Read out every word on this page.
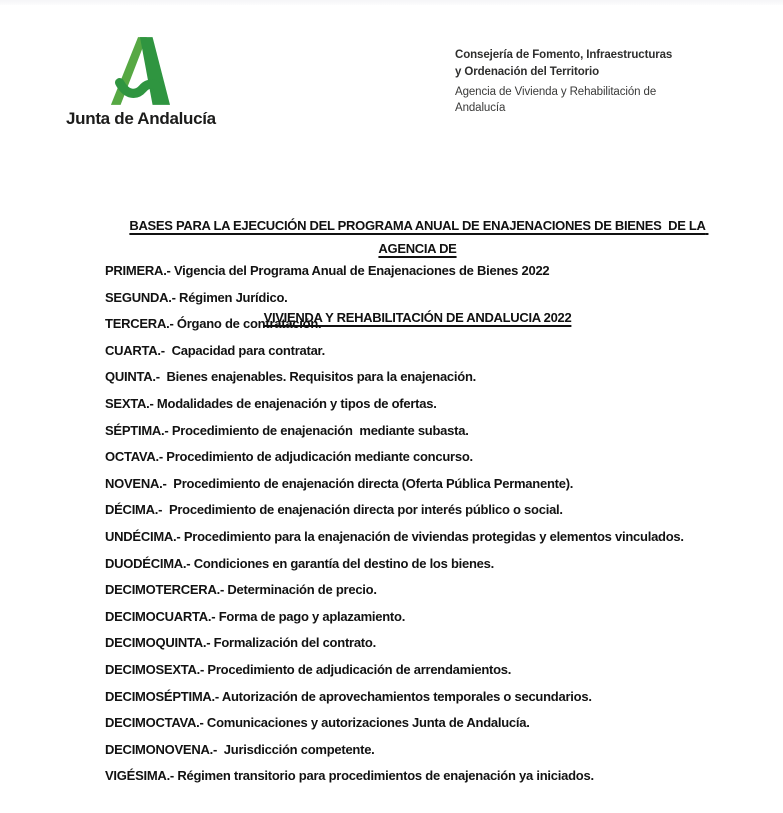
Junta de Andalucía
Consejería de Fomento, Infraestructuras
y Ordenación del Territorio
Agencia de Vivienda y Rehabilitación de
Andalucía

BASES PARA LA EJECUCIÓN DEL PROGRAMA ANUAL DE ENAJENACIONES DE BIENES  DE LA AGENCIA DE

VIVIENDA Y REHABILITACIÓN DE ANDALUCIA 2022

PRIMERA.- Vigencia del Programa Anual de Enajenaciones de Bienes 2022

SEGUNDA.- Régimen Jurídico.

TERCERA.- Órgano de contratación.

CUARTA.-  Capacidad para contratar.

QUINTA.-  Bienes enajenables. Requisitos para la enajenación.

SEXTA.- Modalidades de enajenación y tipos de ofertas.

SÉPTIMA.- Procedimiento de enajenación  mediante subasta.

OCTAVA.- Procedimiento de adjudicación mediante concurso.

NOVENA.-  Procedimiento de enajenación directa (Oferta Pública Permanente).

DÉCIMA.-  Procedimiento de enajenación directa por interés público o social.

UNDÉCIMA.- Procedimiento para la enajenación de viviendas protegidas y elementos vinculados.

DUODÉCIMA.- Condiciones en garantía del destino de los bienes.

DECIMOTERCERA.- Determinación de precio.

DECIMOCUARTA.- Forma de pago y aplazamiento.

DECIMOQUINTA.- Formalización del contrato.

DECIMOSEXTA.- Procedimiento de adjudicación de arrendamientos.

DECIMOSÉPTIMA.- Autorización de aprovechamientos temporales o secundarios.

DECIMOCTAVA.- Comunicaciones y autorizaciones Junta de Andalucía.

DECIMONOVENA.-  Jurisdicción competente.

VIGÉSIMA.- Régimen transitorio para procedimientos de enajenación ya iniciados.
